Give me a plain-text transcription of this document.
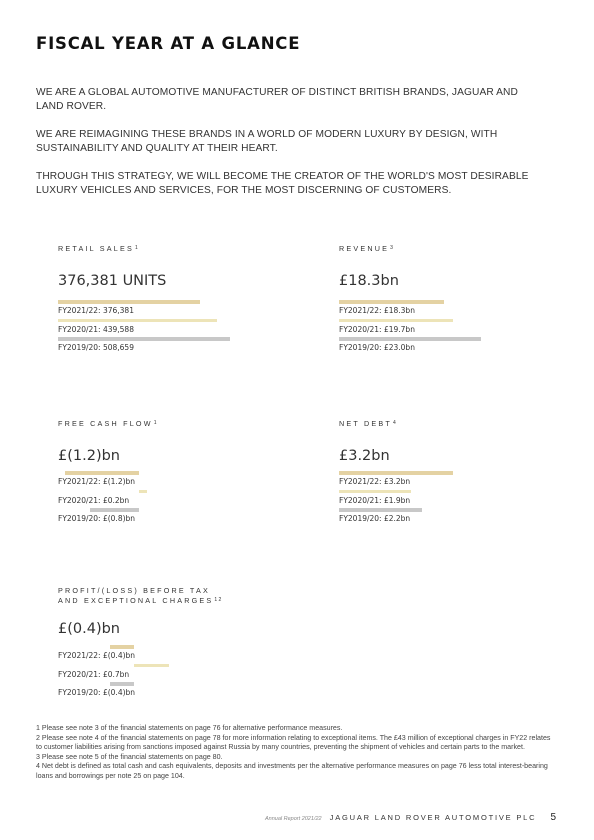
FISCAL YEAR AT A GLANCE

WE ARE A GLOBAL AUTOMOTIVE MANUFACTURER OF DISTINCT BRITISH BRANDS, JAGUAR AND LAND ROVER.

WE ARE REIMAGINING THESE BRANDS IN A WORLD OF MODERN LUXURY BY DESIGN, WITH SUSTAINABILITY AND QUALITY AT THEIR HEART.

THROUGH THIS STRATEGY, WE WILL BECOME THE CREATOR OF THE WORLD'S MOST DESIRABLE LUXURY VEHICLES AND SERVICES, FOR THE MOST DISCERNING OF CUSTOMERS.

RETAIL SALES$^1$
376,381 UNITS
FY2021/22: 376,381
FY2020/21: 439,588
FY2019/20: 508,659
REVENUE$^3$
£18.3bn
FY2021/22: £18.3bn
FY2020/21: £19.7bn
FY2019/20: £23.0bn
FREE CASH FLOW$^1$
£(1.2)bn
FY2021/22: £(1.2)bn
FY2020/21: £0.2bn
FY2019/20: £(0.8)bn
NET DEBT$^4$
£3.2bn
FY2021/22: £3.2bn
FY2020/21: £1.9bn
FY2019/20: £2.2bn
PROFIT/(LOSS) BEFORE TAX
AND EXCEPTIONAL $CHARGES^{1 2}$
£(0.4)bn
FY2021/22: £(0.4)bn
FY2020/21: £0.7bn
FY2019/20: £(0.4)bn

1 Please see note 3 of the financial statements on page 76 for alternative performance measures.

2 Please see note 4 of the financial statements on page 78 for more information relating to exceptional items. The £43 million of exceptional charges in FY22 relates to customer liabilities arising from sanctions imposed against Russia by many countries, preventing the shipment of vehicles and certain parts to the market.

3 Please see note 5 of the financial statements on page 80.

4 Net debt is defined as total cash and cash equivalents, deposits and investments per the alternative performance measures on page 76 less total interest-bearing loans and borrowings per note 25 on page 104.

Annual Report 2021/22 JAGUAR LAND ROVER AUTOMOTIVE PLC 5
